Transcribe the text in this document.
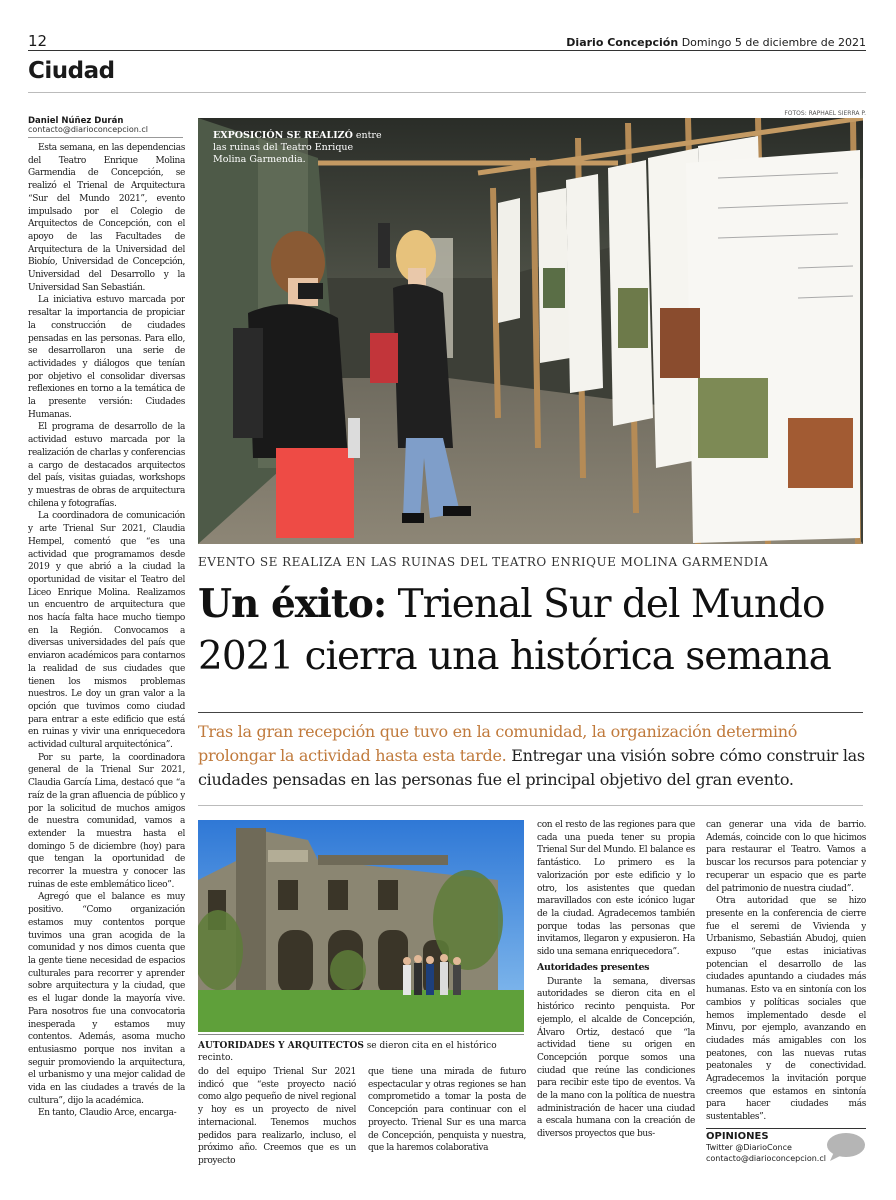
12	Diario Concepción Domingo 5 de diciembre de 2021
Ciudad
Daniel Núñez Durán
contacto@diarioconcepcion.cl

Esta semana, en las dependencias del Teatro Enrique Molina Garmendia de Concepción, se realizó el Trienal de Arquitectura “Sur del Mundo 2021”, evento impulsado por el Colegio de Arquitectos de Concepción, con el apoyo de las Facultades de Arquitectura de la Universidad del Biobío, Universidad de Concepción, Universidad del Desarrollo y la Universidad San Sebastián.

La iniciativa estuvo marcada por resaltar la importancia de propiciar la construcción de ciudades pensadas en las personas. Para ello, se desarrollaron una serie de actividades y diálogos que tenían por objetivo el consolidar diversas reflexiones en torno a la temática de la presente versión: Ciudades Humanas.

El programa de desarrollo de la actividad estuvo marcada por la realización de charlas y conferencias a cargo de destacados arquitectos del país, visitas guiadas, workshops y muestras de obras de arquitectura chilena y fotografías.

La coordinadora de comunicación y arte Trienal Sur 2021, Claudia Hempel, comentó que “es una actividad que programamos desde 2019 y que abrió a la ciudad la oportunidad de visitar el Teatro del Liceo Enrique Molina. Realizamos un encuentro de arquitectura que nos hacía falta hace mucho tiempo en la Región. Convocamos a diversas universidades del país que enviaron académicos para contarnos la realidad de sus ciudades que tienen los mismos problemas nuestros. Le doy un gran valor a la opción que tuvimos como ciudad para entrar a este edificio que está en ruinas y vivir una enriquecedora actividad cultural arquitectónica”.

Por su parte, la coordinadora general de la Trienal Sur 2021, Claudia García Lima, destacó que “a raíz de la gran afluencia de público y por la solicitud de muchos amigos de nuestra comunidad, vamos a extender la muestra hasta el domingo 5 de diciembre (hoy) para que tengan la oportunidad de recorrer la muestra y conocer las ruinas de este emblemático liceo”.

Agregó que el balance es muy positivo. “Como organización estamos muy contentos porque tuvimos una gran acogida de la comunidad y nos dimos cuenta que la gente tiene necesidad de espacios culturales para recorrer y aprender sobre arquitectura y la ciudad, que es el lugar donde la mayoría vive. Para nosotros fue una convocatoria inesperada y estamos muy contentos. Además, asoma mucho entusiasmo porque nos invitan a seguir promoviendo la arquitectura, el urbanismo y una mejor calidad de vida en las ciudades a través de la cultura”, dijo la académica.

En tanto, Claudio Arce, encarga-

FOTOS: RAPHAEL SIERRA P.
EXPOSICIÓN SE REALIZÓ entre las ruinas del Teatro Enrique Molina Garmendia.
EVENTO SE REALIZA EN LAS RUINAS DEL TEATRO ENRIQUE MOLINA GARMENDIA
Un éxito: Trienal Sur del Mundo 2021 cierra una histórica semana
Tras la gran recepción que tuvo en la comunidad, la organización determinó prolongar la actividad hasta esta tarde. Entregar una visión sobre cómo construir las ciudades pensadas en las personas fue el principal objetivo del gran evento.
AUTORIDADES Y ARQUITECTOS se dieron cita en el histórico recinto.

do del equipo Trienal Sur 2021 indicó que “este proyecto nació como algo pequeño de nivel regional y hoy es un proyecto de nivel internacional. Tenemos muchos pedidos para realizarlo, incluso, el próximo año. Creemos que es un proyecto

que tiene una mirada de futuro espectacular y otras regiones se han comprometido a tomar la posta de Concepción para continuar con el proyecto. Trienal Sur es una marca de Concepción, penquista y nuestra, que la haremos colaborativa

con el resto de las regiones para que cada una pueda tener su propia Trienal Sur del Mundo. El balance es fantástico. Lo primero es la valorización por este edificio y lo otro, los asistentes que quedan maravillados con este icónico lugar de la ciudad. Agradecemos también porque todas las personas que invitamos, llegaron y expusieron. Ha sido una semana enriquecedora”.

Autoridades presentes

Durante la semana, diversas autoridades se dieron cita en el histórico recinto penquista. Por ejemplo, el alcalde de Concepción, Álvaro Ortiz, destacó que “la actividad tiene su origen en Concepción porque somos una ciudad que reúne las condiciones para recibir este tipo de eventos. Va de la mano con la política de nuestra administración de hacer una ciudad a escala humana con la creación de diversos proyectos que bus-

can generar una vida de barrio. Además, coincide con lo que hicimos para restaurar el Teatro. Vamos a buscar los recursos para potenciar y recuperar un espacio que es parte del patrimonio de nuestra ciudad”.

Otra autoridad que se hizo presente en la conferencia de cierre fue el seremi de Vivienda y Urbanismo, Sebastián Abudoj, quien expuso “que estas iniciativas potencian el desarrollo de las ciudades apuntando a ciudades más humanas. Esto va en sintonía con los cambios y políticas sociales que hemos implementado desde el Minvu, por ejemplo, avanzando en ciudades más amigables con los peatones, con las nuevas rutas peatonales y de conectividad. Agradecemos la invitación porque creemos que estamos en sintonía para hacer ciudades más sustentables”.

OPINIONES
Twitter @DiarioConce
contacto@diarioconcepcion.cl
